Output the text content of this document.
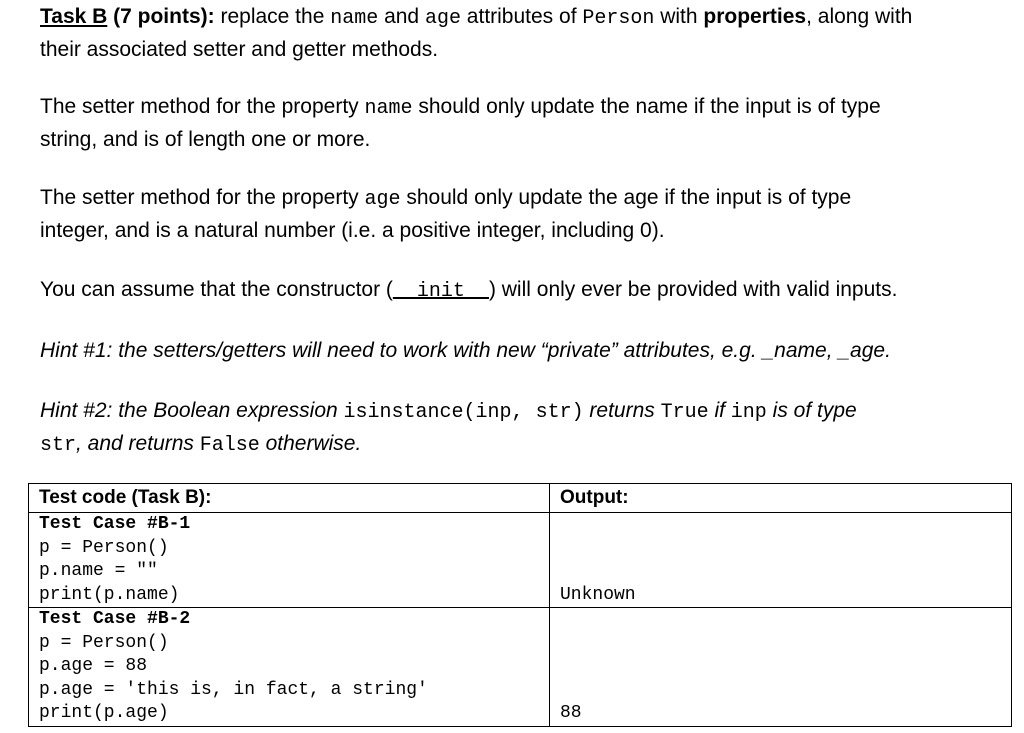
Task B (7 points): replace the name and age attributes of Person with properties, along with
their associated setter and getter methods.

The setter method for the property name should only update the name if the input is of type
string, and is of length one or more.

The setter method for the property age should only update the age if the input is of type
integer, and is a natural number (i.e. a positive integer, including 0).

You can assume that the constructor (__init__) will only ever be provided with valid inputs.

Hint #1: the setters/getters will need to work with new “private” attributes, e.g. _name, _age.

Hint #2: the Boolean expression isinstance(inp, str) returns True if inp is of type
str, and returns False otherwise.

Test code (Task B):	Output:
Test Case #B-1
p = Person()
p.name = ""
print(p.name)	Unknown
Test Case #B-2
p = Person()
p.age = 88
p.age = 'this is, in fact, a string'
print(p.age)	88
